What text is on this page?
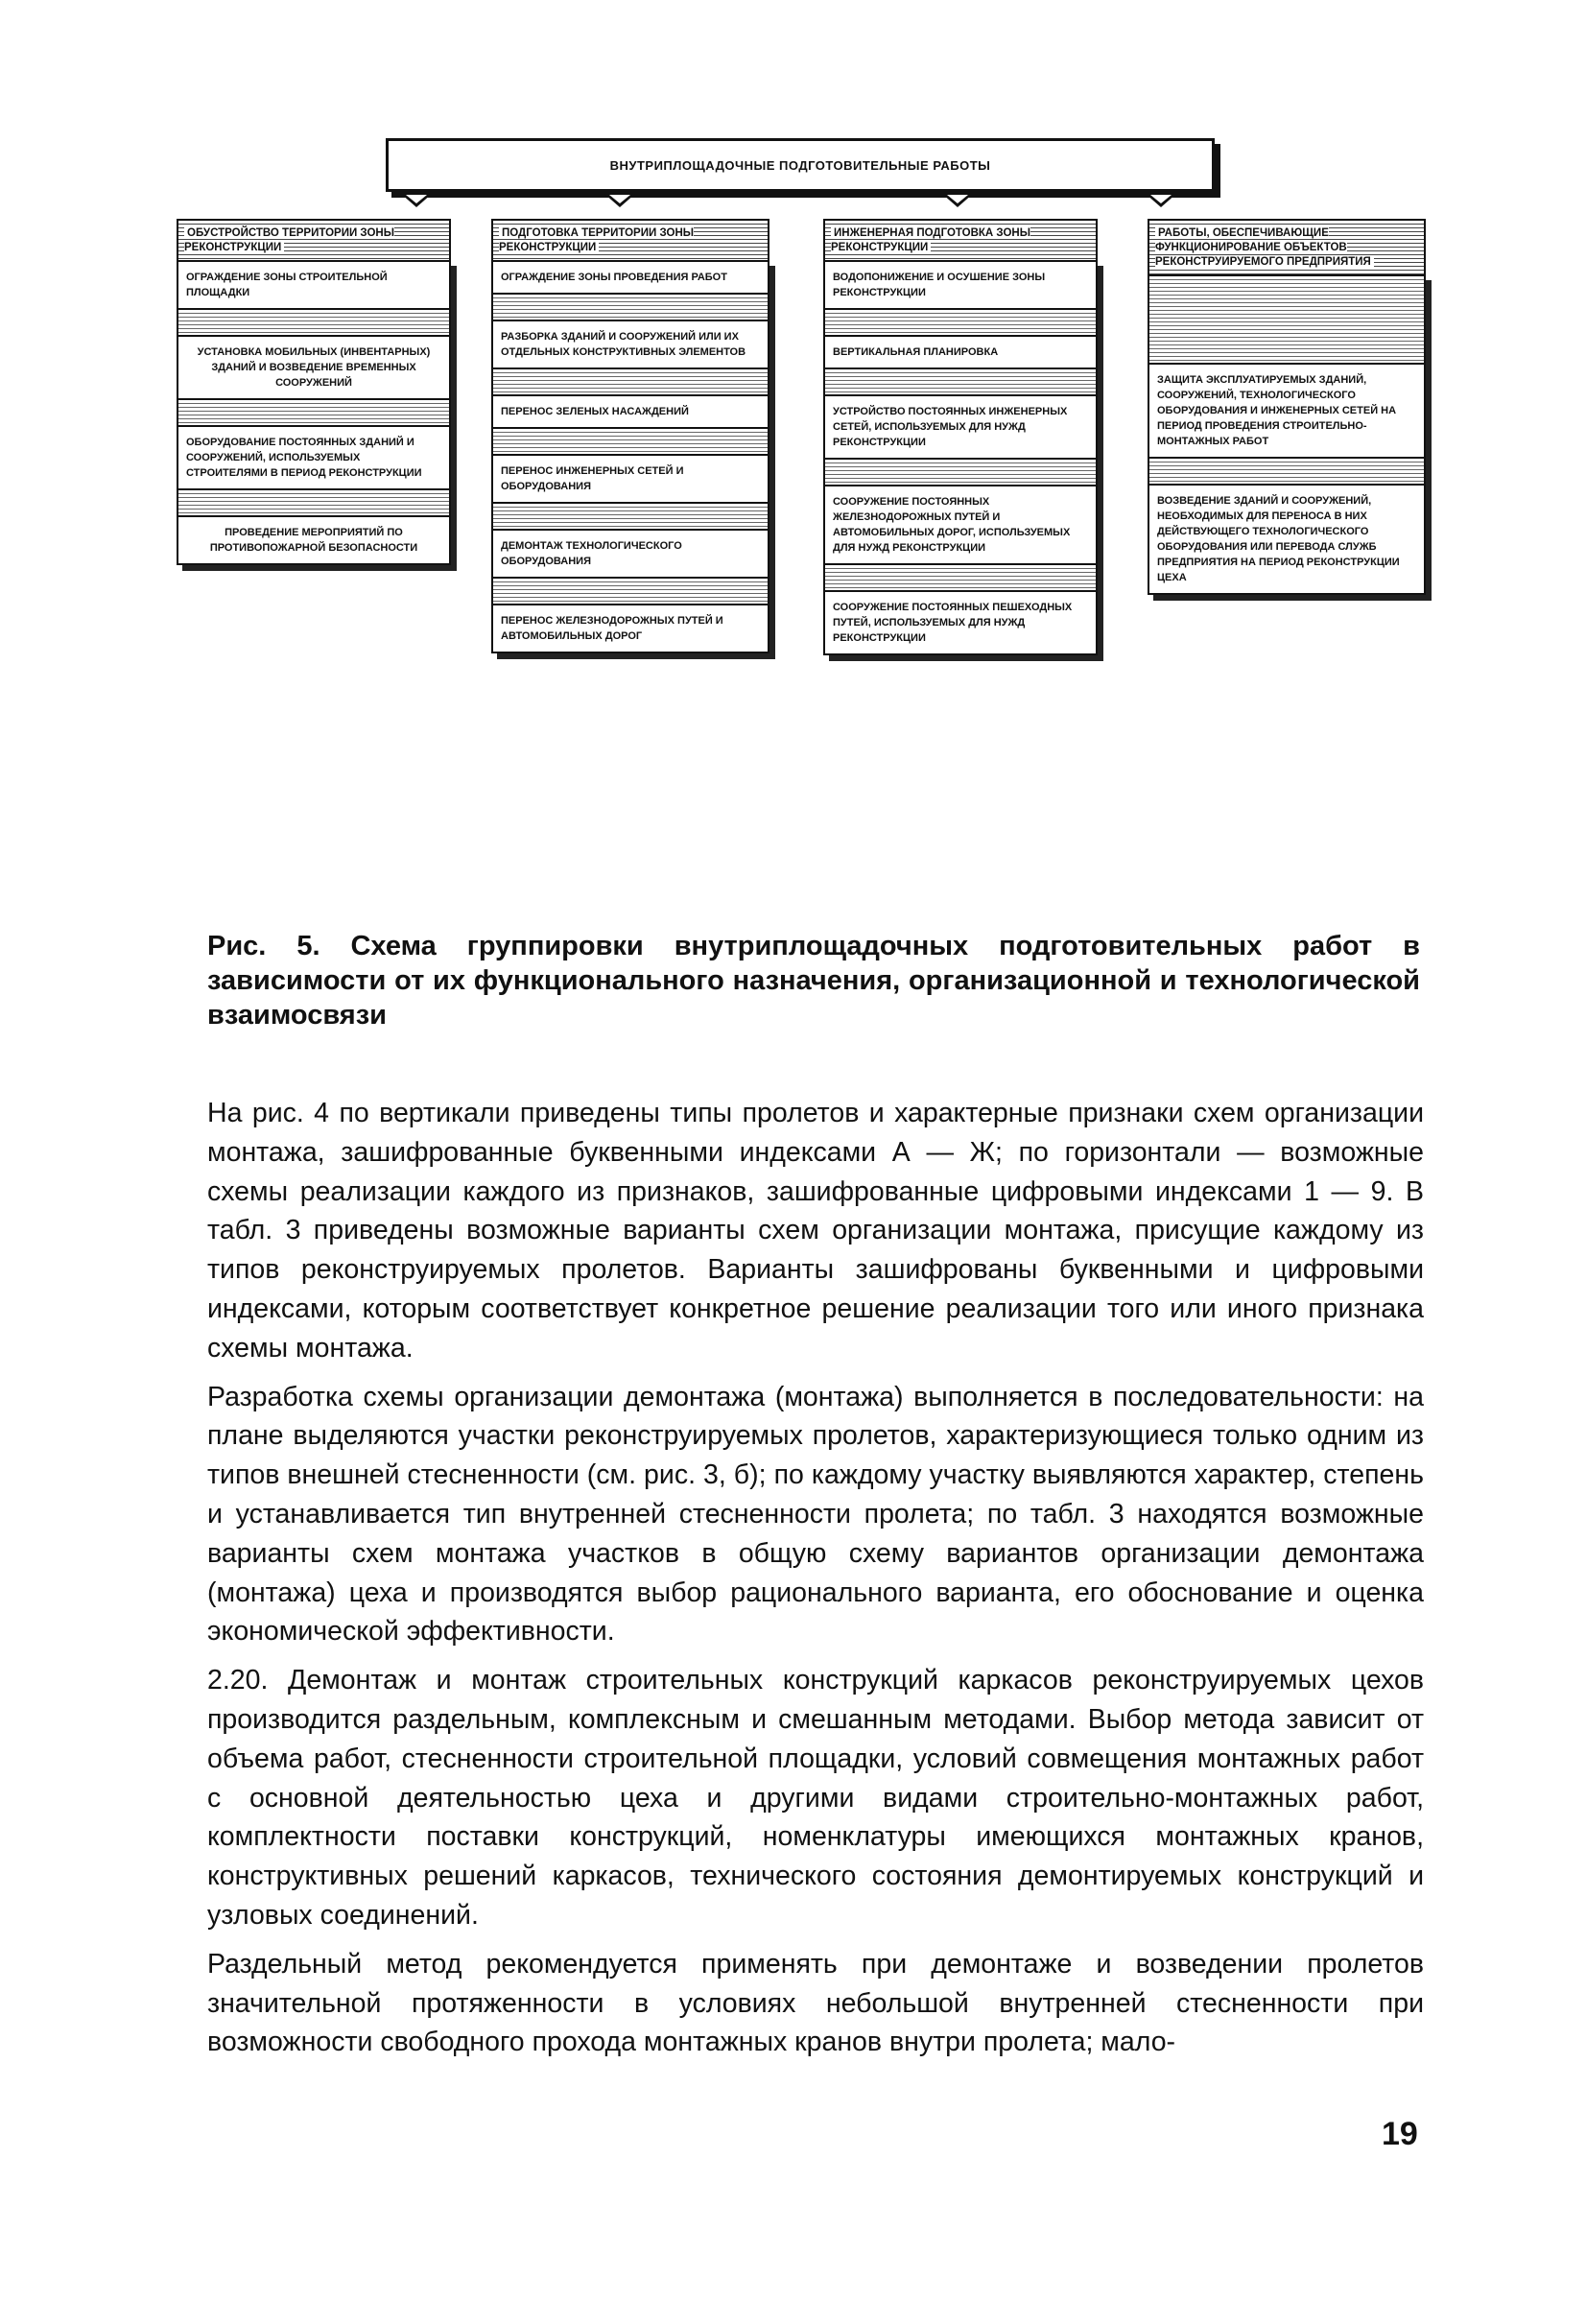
ВНУТРИПЛОЩАДОЧНЫЕ ПОДГОТОВИТЕЛЬНЫЕ РАБОТЫ
ОБУСТРОЙСТВО ТЕРРИТОРИИ ЗОНЫ РЕКОНСТРУКЦИИ
ОГРАЖДЕНИЕ ЗОНЫ СТРОИТЕЛЬНОЙ ПЛОЩАДКИ
УСТАНОВКА МОБИЛЬНЫХ (ИНВЕНТАРНЫХ) ЗДАНИЙ И ВОЗВЕДЕНИЕ ВРЕМЕННЫХ СООРУЖЕНИЙ
ОБОРУДОВАНИЕ ПОСТОЯННЫХ ЗДАНИЙ И СООРУЖЕНИЙ, ИСПОЛЬЗУЕМЫХ СТРОИТЕЛЯМИ В ПЕРИОД РЕКОНСТРУКЦИИ
ПРОВЕДЕНИЕ МЕРОПРИЯТИЙ ПО ПРОТИВОПОЖАРНОЙ БЕЗОПАСНОСТИ
ПОДГОТОВКА ТЕРРИТОРИИ ЗОНЫ РЕКОНСТРУКЦИИ
ОГРАЖДЕНИЕ ЗОНЫ ПРОВЕДЕНИЯ РАБОТ
РАЗБОРКА ЗДАНИЙ И СООРУЖЕНИЙ ИЛИ ИХ ОТДЕЛЬНЫХ КОНСТРУКТИВНЫХ ЭЛЕМЕНТОВ
ПЕРЕНОС ЗЕЛЕНЫХ НАСАЖДЕНИЙ
ПЕРЕНОС ИНЖЕНЕРНЫХ СЕТЕЙ И ОБОРУДОВАНИЯ
ДЕМОНТАЖ ТЕХНОЛОГИЧЕСКОГО ОБОРУДОВАНИЯ
ПЕРЕНОС ЖЕЛЕЗНОДОРОЖНЫХ ПУТЕЙ И АВТОМОБИЛЬНЫХ ДОРОГ
ИНЖЕНЕРНАЯ ПОДГОТОВКА ЗОНЫ РЕКОНСТРУКЦИИ
ВОДОПОНИЖЕНИЕ И ОСУШЕНИЕ ЗОНЫ РЕКОНСТРУКЦИИ
ВЕРТИКАЛЬНАЯ ПЛАНИРОВКА
УСТРОЙСТВО ПОСТОЯННЫХ ИНЖЕНЕРНЫХ СЕТЕЙ, ИСПОЛЬЗУЕМЫХ ДЛЯ НУЖД РЕКОНСТРУКЦИИ
СООРУЖЕНИЕ ПОСТОЯННЫХ ЖЕЛЕЗНОДОРОЖНЫХ ПУТЕЙ И АВТОМОБИЛЬНЫХ ДОРОГ, ИСПОЛЬЗУЕМЫХ ДЛЯ НУЖД РЕКОНСТРУКЦИИ
СООРУЖЕНИЕ ПОСТОЯННЫХ ПЕШЕХОДНЫХ ПУТЕЙ, ИСПОЛЬЗУЕМЫХ ДЛЯ НУЖД РЕКОНСТРУКЦИИ
РАБОТЫ, ОБЕСПЕЧИВАЮЩИЕ ФУНКЦИОНИРОВАНИЕ ОБЪЕКТОВ РЕКОНСТРУИРУЕМОГО ПРЕДПРИЯТИЯ
ЗАЩИТА ЭКСПЛУАТИРУЕМЫХ ЗДАНИЙ, СООРУЖЕНИЙ, ТЕХНОЛОГИЧЕСКОГО ОБОРУДОВАНИЯ И ИНЖЕНЕРНЫХ СЕТЕЙ НА ПЕРИОД ПРОВЕДЕНИЯ СТРОИТЕЛЬНО-МОНТАЖНЫХ РАБОТ
ВОЗВЕДЕНИЕ ЗДАНИЙ И СООРУЖЕНИЙ, НЕОБХОДИМЫХ ДЛЯ ПЕРЕНОСА В НИХ ДЕЙСТВУЮЩЕГО ТЕХНОЛОГИЧЕСКОГО ОБОРУДОВАНИЯ ИЛИ ПЕРЕВОДА СЛУЖБ ПРЕДПРИЯТИЯ НА ПЕРИОД РЕКОНСТРУКЦИИ ЦЕХА
Рис. 5. Схема группировки внутриплощадочных подготовительных работ в зависимости от их функционального назначения, организационной и технологической взаимосвязи

На рис. 4 по вертикали приведены типы пролетов и характерные признаки схем организации монтажа, зашифрованные буквенными индексами А — Ж; по горизонтали — возможные схемы реализации каждого из признаков, зашифрованные цифровыми индексами 1 — 9. В табл. 3 приведены возможные варианты схем организации монтажа, присущие каждому из типов реконструируемых пролетов. Варианты зашифрованы буквенными и цифровыми индексами, которым соответствует конкретное решение реализации того или иного признака схемы монтажа.

Разработка схемы организации демонтажа (монтажа) выполняется в последовательности: на плане выделяются участки реконструируемых пролетов, характеризующиеся только одним из типов внешней стесненности (см. рис. 3, б); по каждому участку выявляются характер, степень и устанавливается тип внутренней стесненности пролета; по табл. 3 находятся возможные варианты схем монтажа участков в общую схему вариантов организации демонтажа (монтажа) цеха и производятся выбор рационального варианта, его обоснование и оценка экономической эффективности.

2.20. Демонтаж и монтаж строительных конструкций каркасов реконструируемых цехов производится раздельным, комплексным и смешанным методами. Выбор метода зависит от объема работ, стесненности строительной площадки, условий совмещения монтажных работ с основной деятельностью цеха и другими видами строительно-монтажных работ, комплектности поставки конструкций, номенклатуры имеющихся монтажных кранов, конструктивных решений каркасов, технического состояния демонтируемых конструкций и узловых соединений.

Раздельный метод рекомендуется применять при демонтаже и возведении пролетов значительной протяженности в условиях небольшой внутренней стесненности при возможности свободного прохода монтажных кранов внутри пролета; мало-

19
